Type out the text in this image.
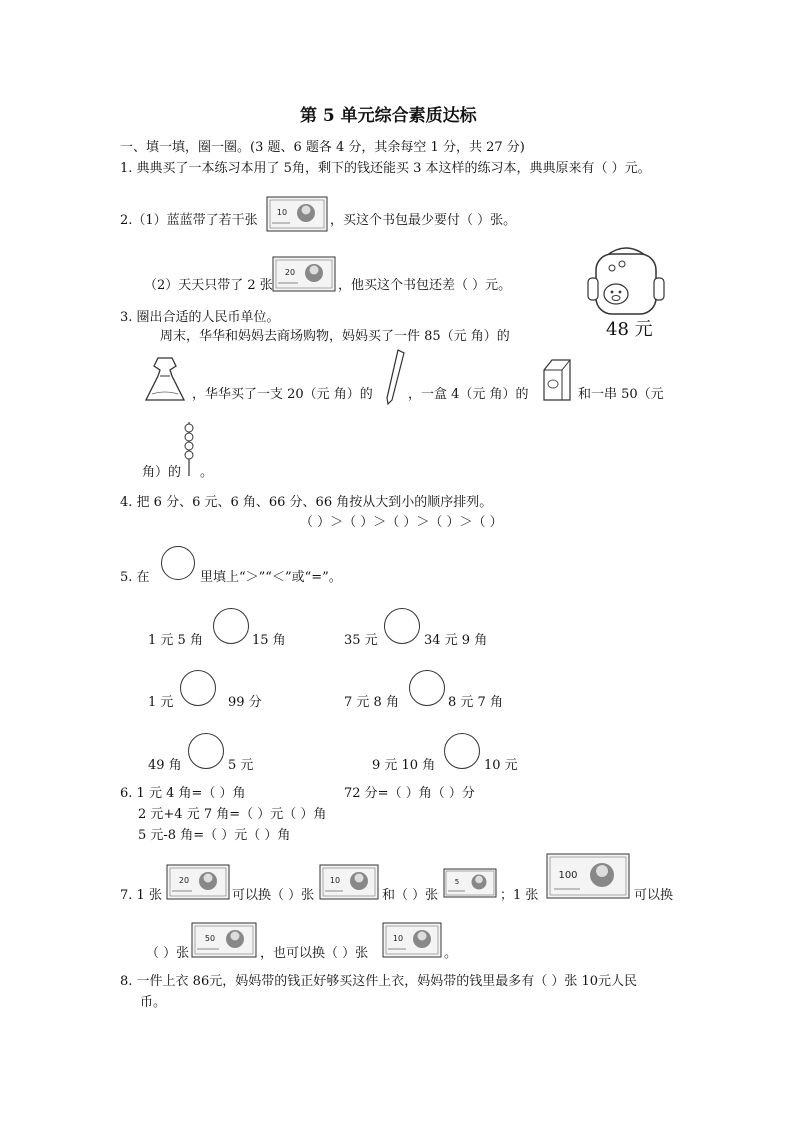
第 5 单元综合素质达标
一、填一填，圈一圈。(3 题、6 题各 4 分，其余每空 1 分，共 27 分)
1. 典典买了一本练习本用了 5角，剩下的钱还能买 3 本这样的练习本，典典原来有（ ）元。
2.（1）蓝蓝带了若干张
10
，买这个书包最少要付（ ）张。
（2）天天只带了 2 张
20
，他买这个书包还差（ ）元。
48 元
3. 圈出合适的人民币单位。
周末，华华和妈妈去商场购物，妈妈买了一件 85（元 角）的
，华华买了一支 20（元 角）的	，一盒 4（元 角）的	和一串 50（元
角）的 。
4. 把 6 分、6 元、6 角、66 分、66 角按从大到小的顺序排列。
（ ）＞（ ）＞（ ）＞（ ）＞（ ）
5. 在	里填上“＞”“＜”或“=”。
1 元 5 角	15 角	35 元	34 元 9 角
1 元	99 分	7 元 8 角	8 元 7 角
49 角	5 元	9 元 10 角	10 元
6. 1 元 4 角=（ ）角	72 分=（ ）角（ ）分
2 元+4 元 7 角=（ ）元（ ）角
5 元-8 角=（ ）元（ ）角
7. 1 张
20
可以换（ ）张
10
和（ ）张
5
；1 张
100
可以换
（ ）张
50
，也可以换（ ）张
10
。
8. 一件上衣 86元，妈妈带的钱正好够买这件上衣，妈妈带的钱里最多有（ ）张 10元人民
币。
